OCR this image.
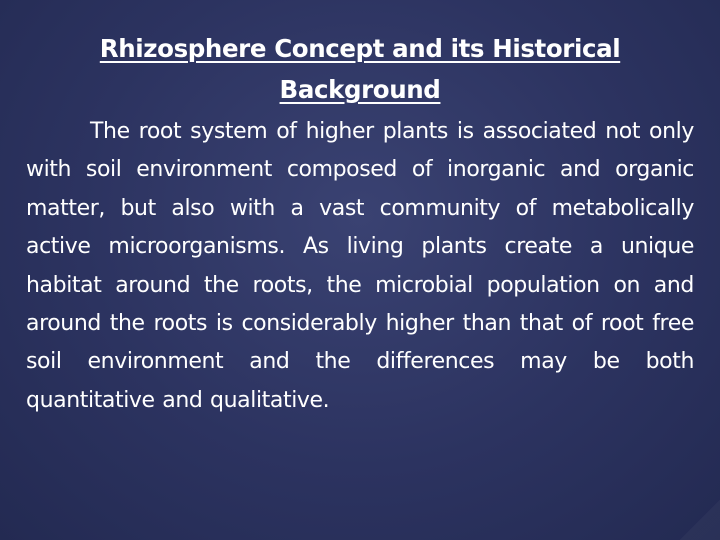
Rhizosphere Concept and its Historical Background

The root system of higher plants is associated not only with soil environment composed of inorganic and organic matter, but also with a vast community of metabolically active microorganisms. As living plants create a unique habitat around the roots, the microbial population on and around the roots is considerably higher than that of root free soil environment and the differences may be both quantitative and qualitative.
